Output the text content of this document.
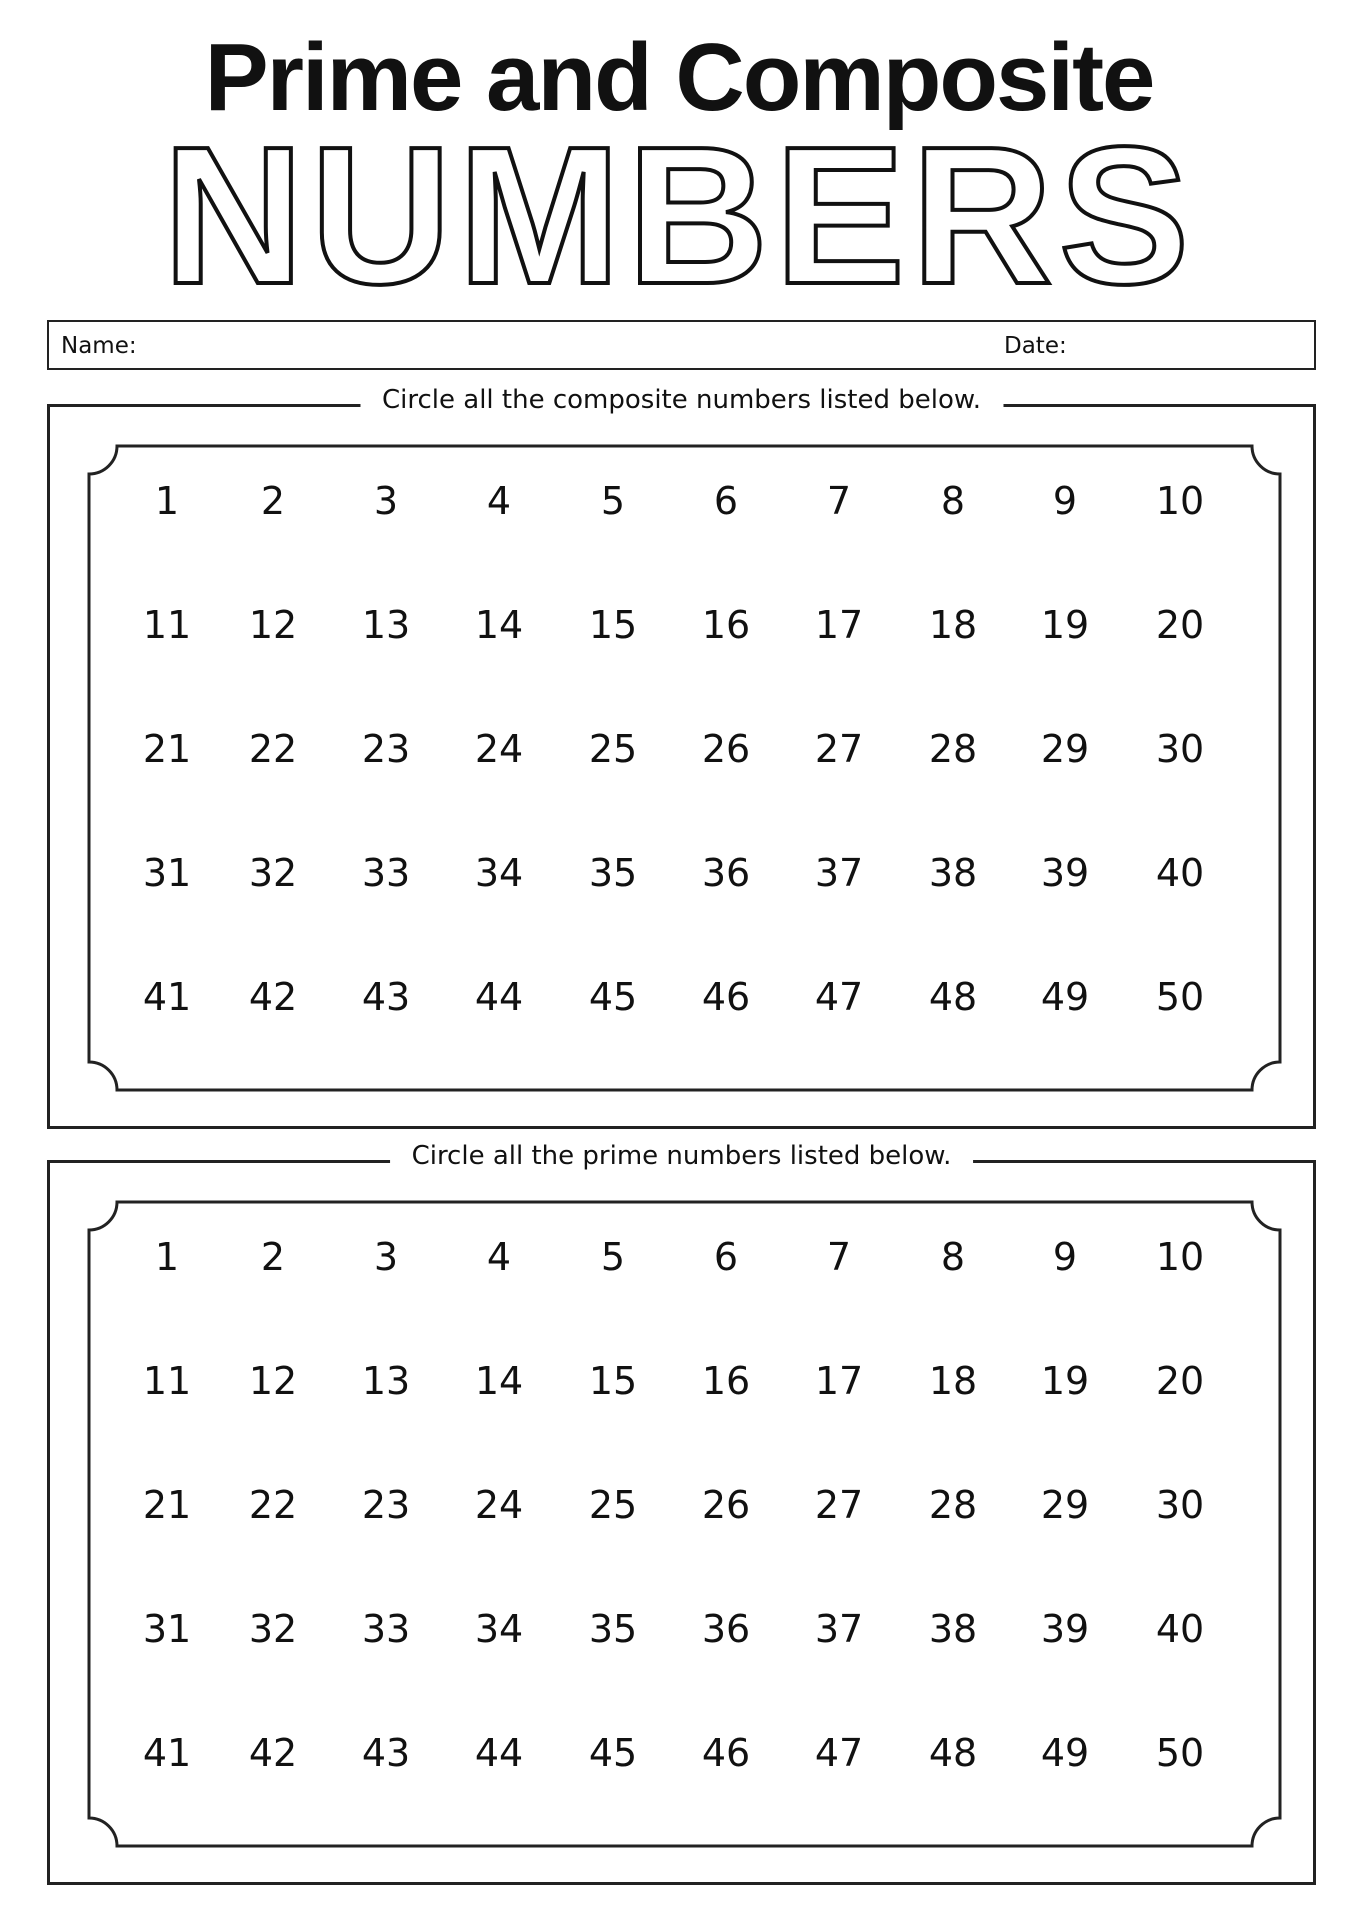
Prime and Composite
NUMBERS
Name:	Date:
Circle all the composite numbers listed below.
1	2	3	4	5	6	7	8	9	10
11	12	13	14	15	16	17	18	19	20
21	22	23	24	25	26	27	28	29	30
31	32	33	34	35	36	37	38	39	40
41	42	43	44	45	46	47	48	49	50
Circle all the prime numbers listed below.
1	2	3	4	5	6	7	8	9	10
11	12	13	14	15	16	17	18	19	20
21	22	23	24	25	26	27	28	29	30
31	32	33	34	35	36	37	38	39	40
41	42	43	44	45	46	47	48	49	50
